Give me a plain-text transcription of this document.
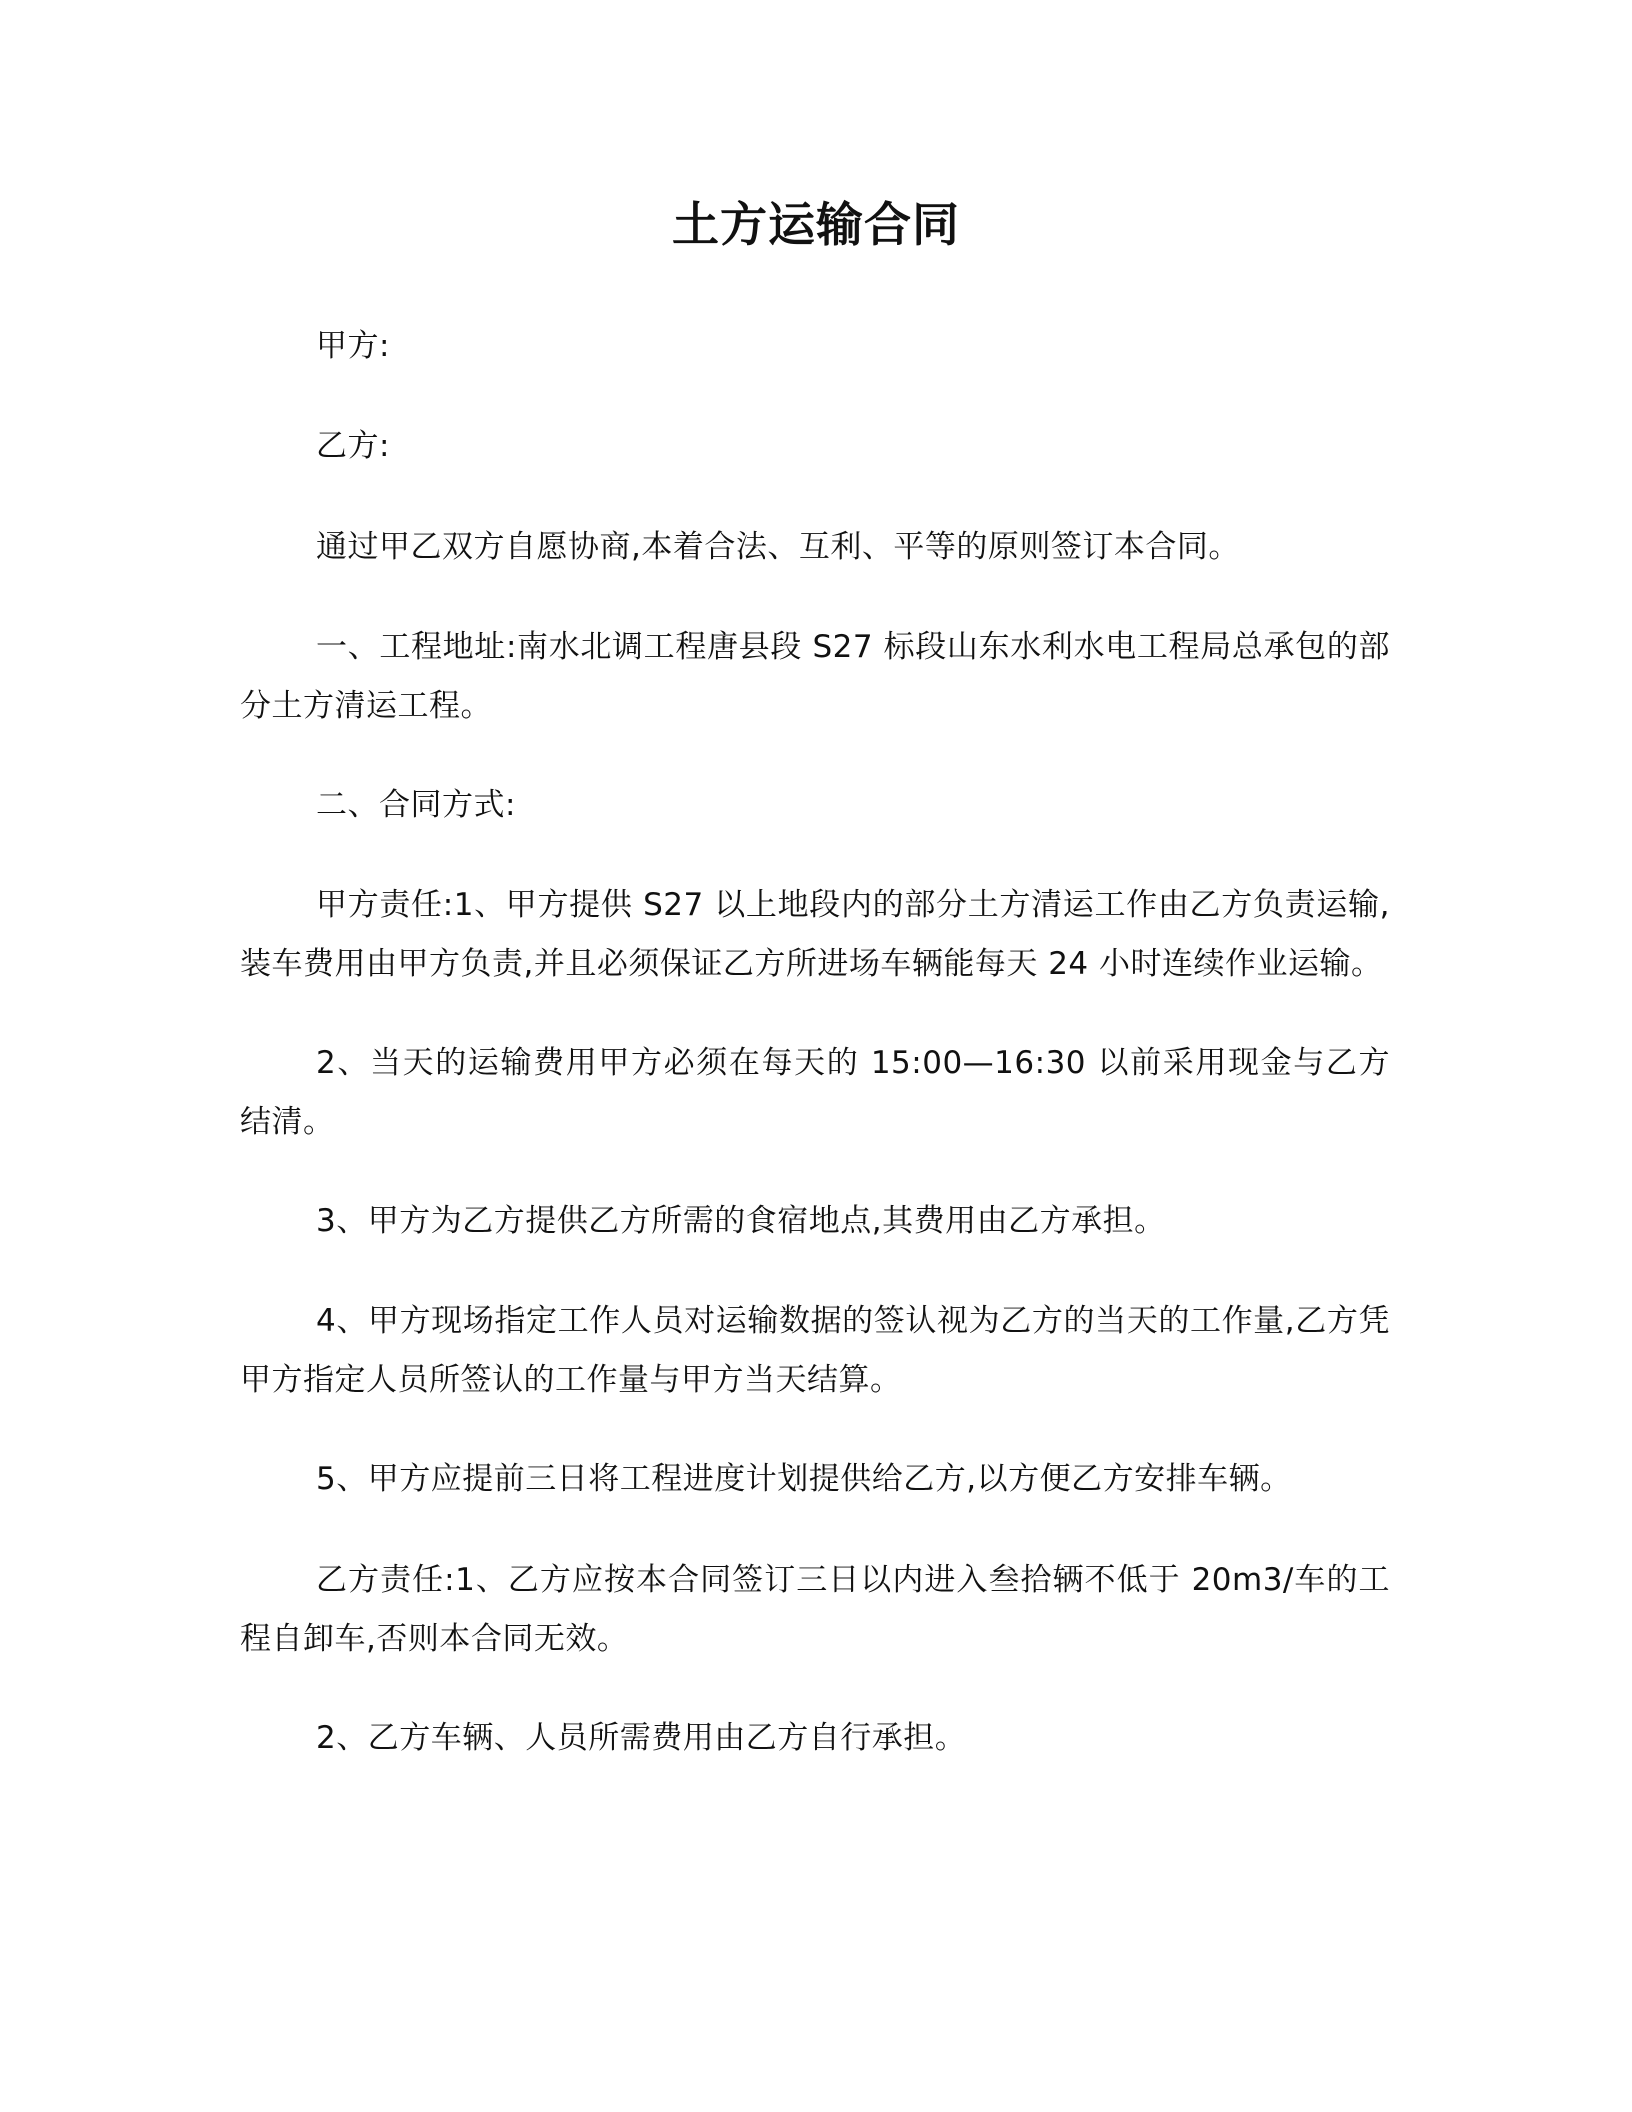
土方运输合同

甲方:

乙方:

通过甲乙双方自愿协商,本着合法、互利、平等的原则签订本合同。

一、工程地址:南水北调工程唐县段 S27 标段山东水利水电工程局总承包的部分土方清运工程。

二、合同方式:

甲方责任:1、甲方提供 S27 以上地段内的部分土方清运工作由乙方负责运输,装车费用由甲方负责,并且必须保证乙方所进场车辆能每天 24 小时连续作业运输。

2、当天的运输费用甲方必须在每天的 15:00—16:30 以前采用现金与乙方结清。

3、甲方为乙方提供乙方所需的食宿地点,其费用由乙方承担。

4、甲方现场指定工作人员对运输数据的签认视为乙方的当天的工作量,乙方凭甲方指定人员所签认的工作量与甲方当天结算。

5、甲方应提前三日将工程进度计划提供给乙方,以方便乙方安排车辆。

乙方责任:1、乙方应按本合同签订三日以内进入叁拾辆不低于 20m3/车的工程自卸车,否则本合同无效。

2、乙方车辆、人员所需费用由乙方自行承担。
